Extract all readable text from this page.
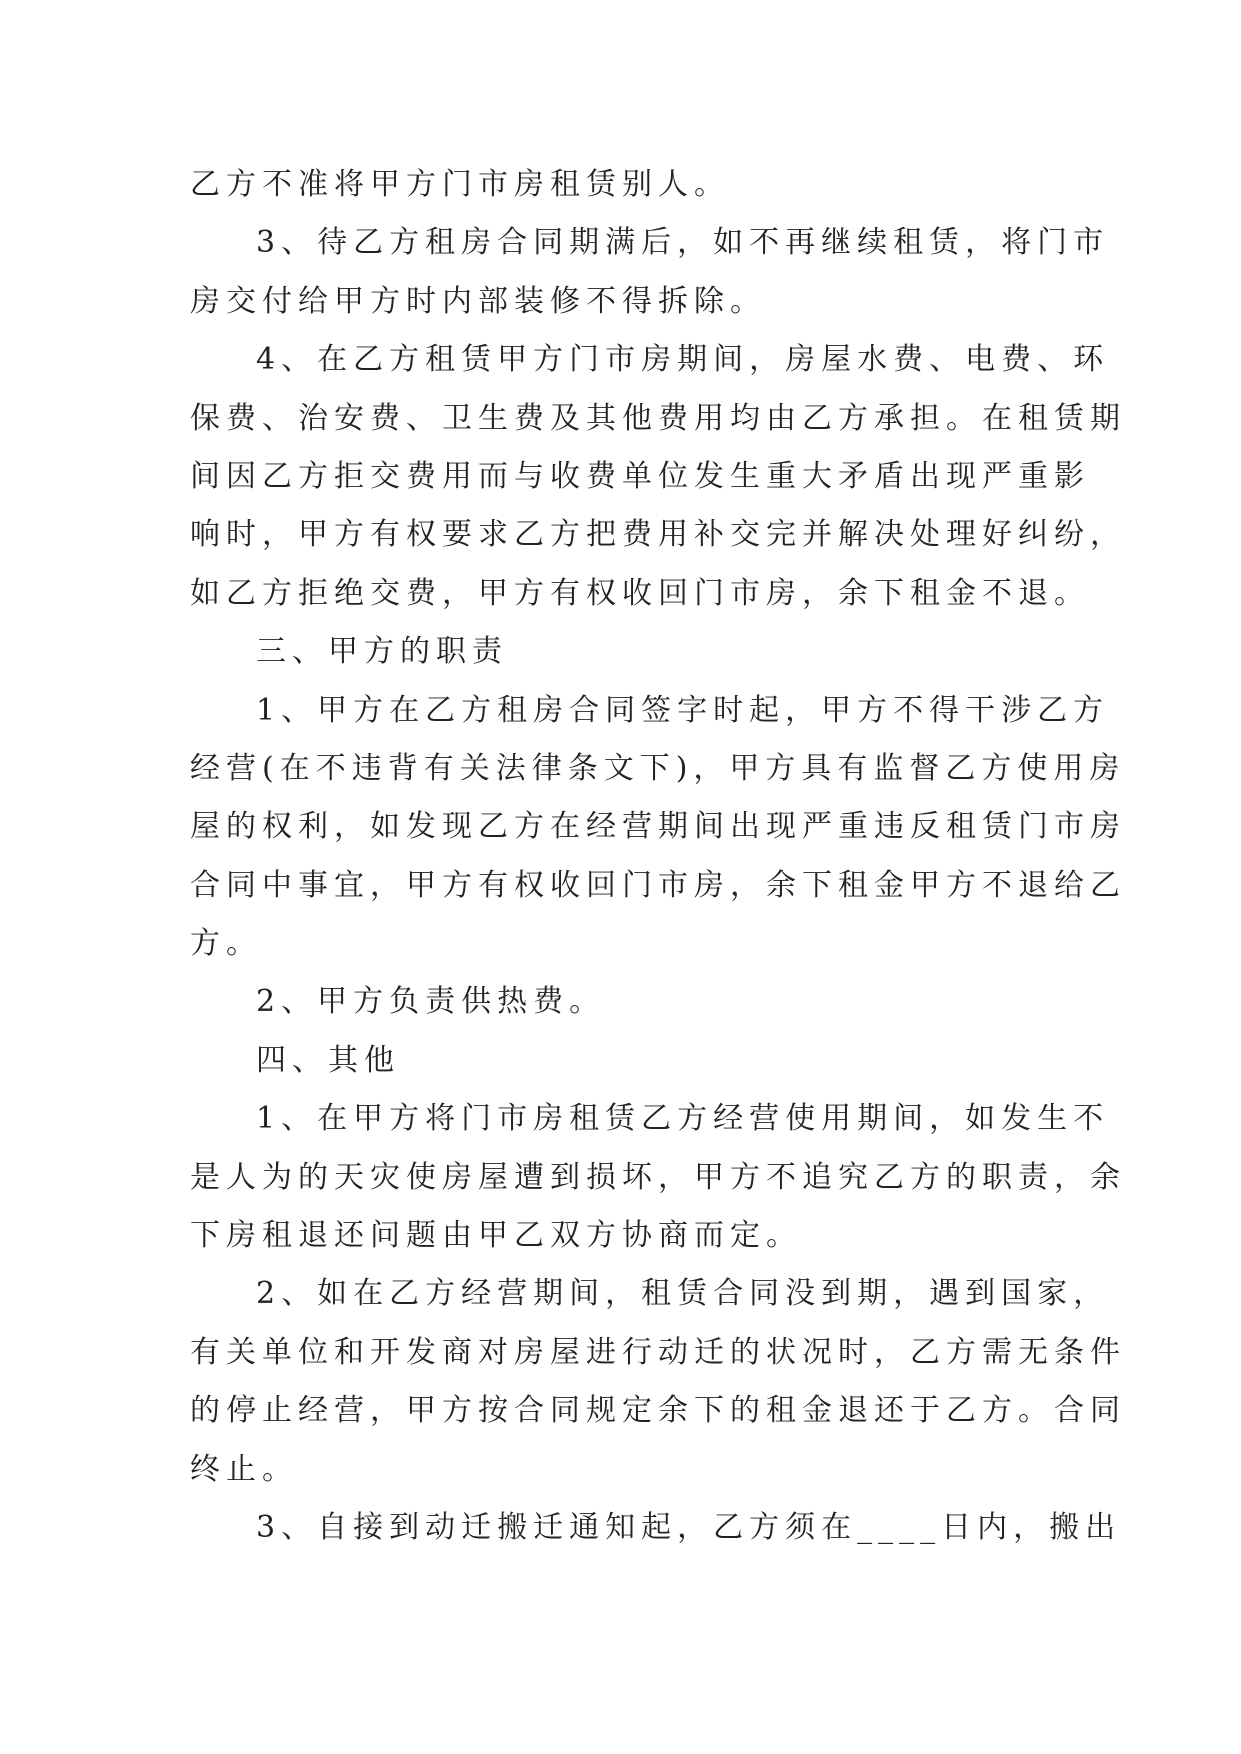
乙方不准将甲方门市房租赁别人。
3、待乙方租房合同期满后，如不再继续租赁，将门市
房交付给甲方时内部装修不得拆除。
4、在乙方租赁甲方门市房期间，房屋水费、电费、环
保费、治安费、卫生费及其他费用均由乙方承担。在租赁期
间因乙方拒交费用而与收费单位发生重大矛盾出现严重影
响时，甲方有权要求乙方把费用补交完并解决处理好纠纷，
如乙方拒绝交费，甲方有权收回门市房，余下租金不退。
三、甲方的职责
1、甲方在乙方租房合同签字时起，甲方不得干涉乙方
经营(在不违背有关法律条文下)，甲方具有监督乙方使用房
屋的权利，如发现乙方在经营期间出现严重违反租赁门市房
合同中事宜，甲方有权收回门市房，余下租金甲方不退给乙
方。
2、甲方负责供热费。
四、其他
1、在甲方将门市房租赁乙方经营使用期间，如发生不
是人为的天灾使房屋遭到损坏，甲方不追究乙方的职责，余
下房租退还问题由甲乙双方协商而定。
2、如在乙方经营期间，租赁合同没到期，遇到国家，
有关单位和开发商对房屋进行动迁的状况时，乙方需无条件
的停止经营，甲方按合同规定余下的租金退还于乙方。合同
终止。
3、自接到动迁搬迁通知起，乙方须在____日内，搬出
